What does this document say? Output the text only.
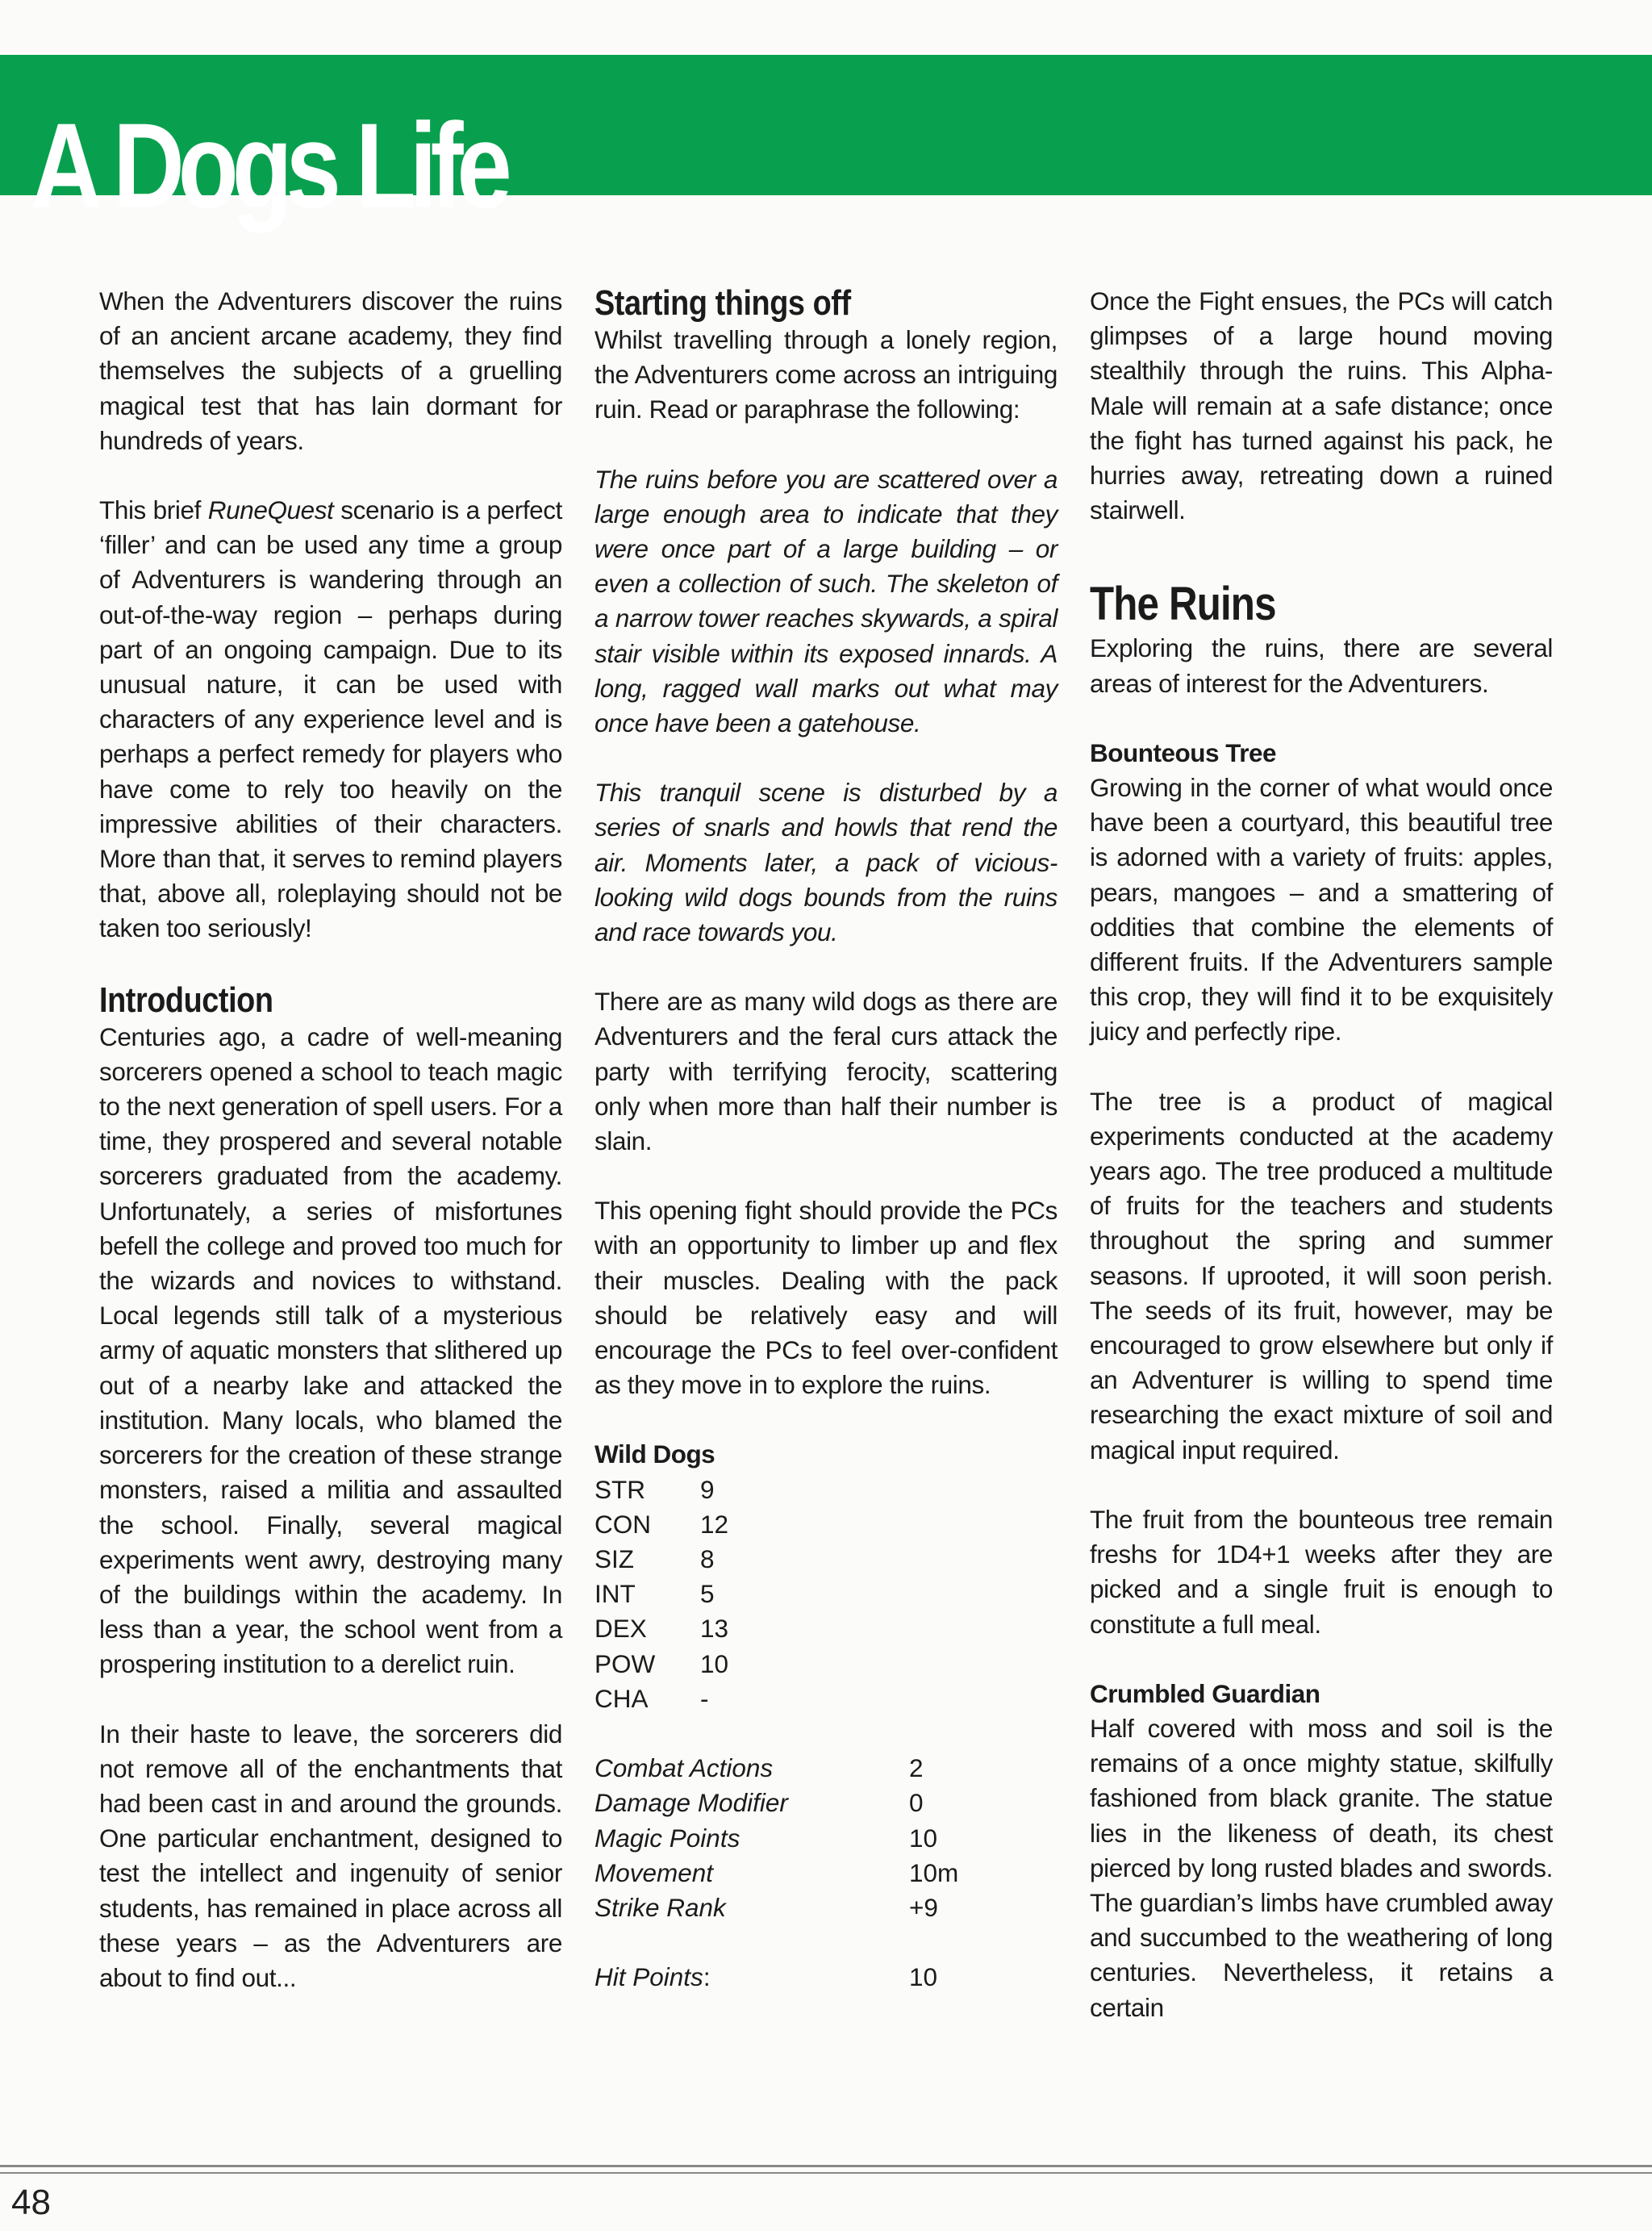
A Dogs Life

When the Adventurers discover the ruins of an ancient arcane academy, they find themselves the subjects of a gruelling magical test that has lain dormant for hundreds of years.

This brief RuneQuest scenario is a perfect ‘filler’ and can be used any time a group of Adventurers is wandering through an out-of-the-way region – perhaps during part of an ongoing campaign. Due to its unusual nature, it can be used with characters of any experience level and is perhaps a perfect remedy for players who have come to rely too heavily on the impressive abilities of their characters. More than that, it serves to remind players that, above all, roleplaying should not be taken too seriously!

Introduction

Centuries ago, a cadre of well-meaning sorcerers opened a school to teach magic to the next generation of spell users. For a time, they prospered and several notable sorcerers graduated from the academy. Unfortunately, a series of misfortunes befell the college and proved too much for the wizards and novices to withstand. Local legends still talk of a mysterious army of aquatic monsters that slithered up out of a nearby lake and attacked the institution. Many locals, who blamed the sorcerers for the creation of these strange monsters, raised a militia and assaulted the school. Finally, several magical experiments went awry, destroying many of the buildings within the academy. In less than a year, the school went from a prospering institution to a derelict ruin.

In their haste to leave, the sorcerers did not remove all of the enchantments that had been cast in and around the grounds. One particular enchantment, designed to test the intellect and ingenuity of senior students, has remained in place across all these years – as the Adventurers are about to find out...

Starting things off

Whilst travelling through a lonely region, the Adventurers come across an intriguing ruin. Read or paraphrase the following:

The ruins before you are scattered over a large enough area to indicate that they were once part of a large building – or even a collection of such. The skeleton of a narrow tower reaches skywards, a spiral stair visible within its exposed innards. A long, ragged wall marks out what may once have been a gatehouse.

This tranquil scene is disturbed by a series of snarls and howls that rend the air. Moments later, a pack of vicious-looking wild dogs bounds from the ruins and race towards you.

There are as many wild dogs as there are Adventurers and the feral curs attack the party with terrifying ferocity, scattering only when more than half their number is slain.

This opening fight should provide the PCs with an opportunity to limber up and flex their muscles. Dealing with the pack should be relatively easy and will encourage the PCs to feel over-confident as they move in to explore the ruins.

Wild Dogs
STR	9
CON	12
SIZ	8
INT	5
DEX	13
POW	10
CHA	-
Combat Actions	2
Damage Modifier	0
Magic Points	10
Movement	10m
Strike Rank	+9
Hit Points:	10

Once the Fight ensues, the PCs will catch glimpses of a large hound moving stealthily through the ruins. This Alpha-Male will remain at a safe distance; once the fight has turned against his pack, he hurries away, retreating down a ruined stairwell.

The Ruins

Exploring the ruins, there are several areas of interest for the Adventurers.

Bounteous Tree

Growing in the corner of what would once have been a courtyard, this beautiful tree is adorned with a variety of fruits: apples, pears, mangoes – and a smattering of oddities that combine the elements of different fruits. If the Adventurers sample this crop, they will find it to be exquisitely juicy and perfectly ripe.

The tree is a product of magical experiments conducted at the academy years ago. The tree produced a multitude of fruits for the teachers and students throughout the spring and summer seasons. If uprooted, it will soon perish. The seeds of its fruit, however, may be encouraged to grow elsewhere but only if an Adventurer is willing to spend time researching the exact mixture of soil and magical input required.

The fruit from the bounteous tree remain freshs for 1D4+1 weeks after they are picked and a single fruit is enough to constitute a full meal.

Crumbled Guardian

Half covered with moss and soil is the remains of a once mighty statue, skilfully fashioned from black granite. The statue lies in the likeness of death, its chest pierced by long rusted blades and swords. The guardian’s limbs have crumbled away and succumbed to the weathering of long centuries. Nevertheless, it retains a certain

48
